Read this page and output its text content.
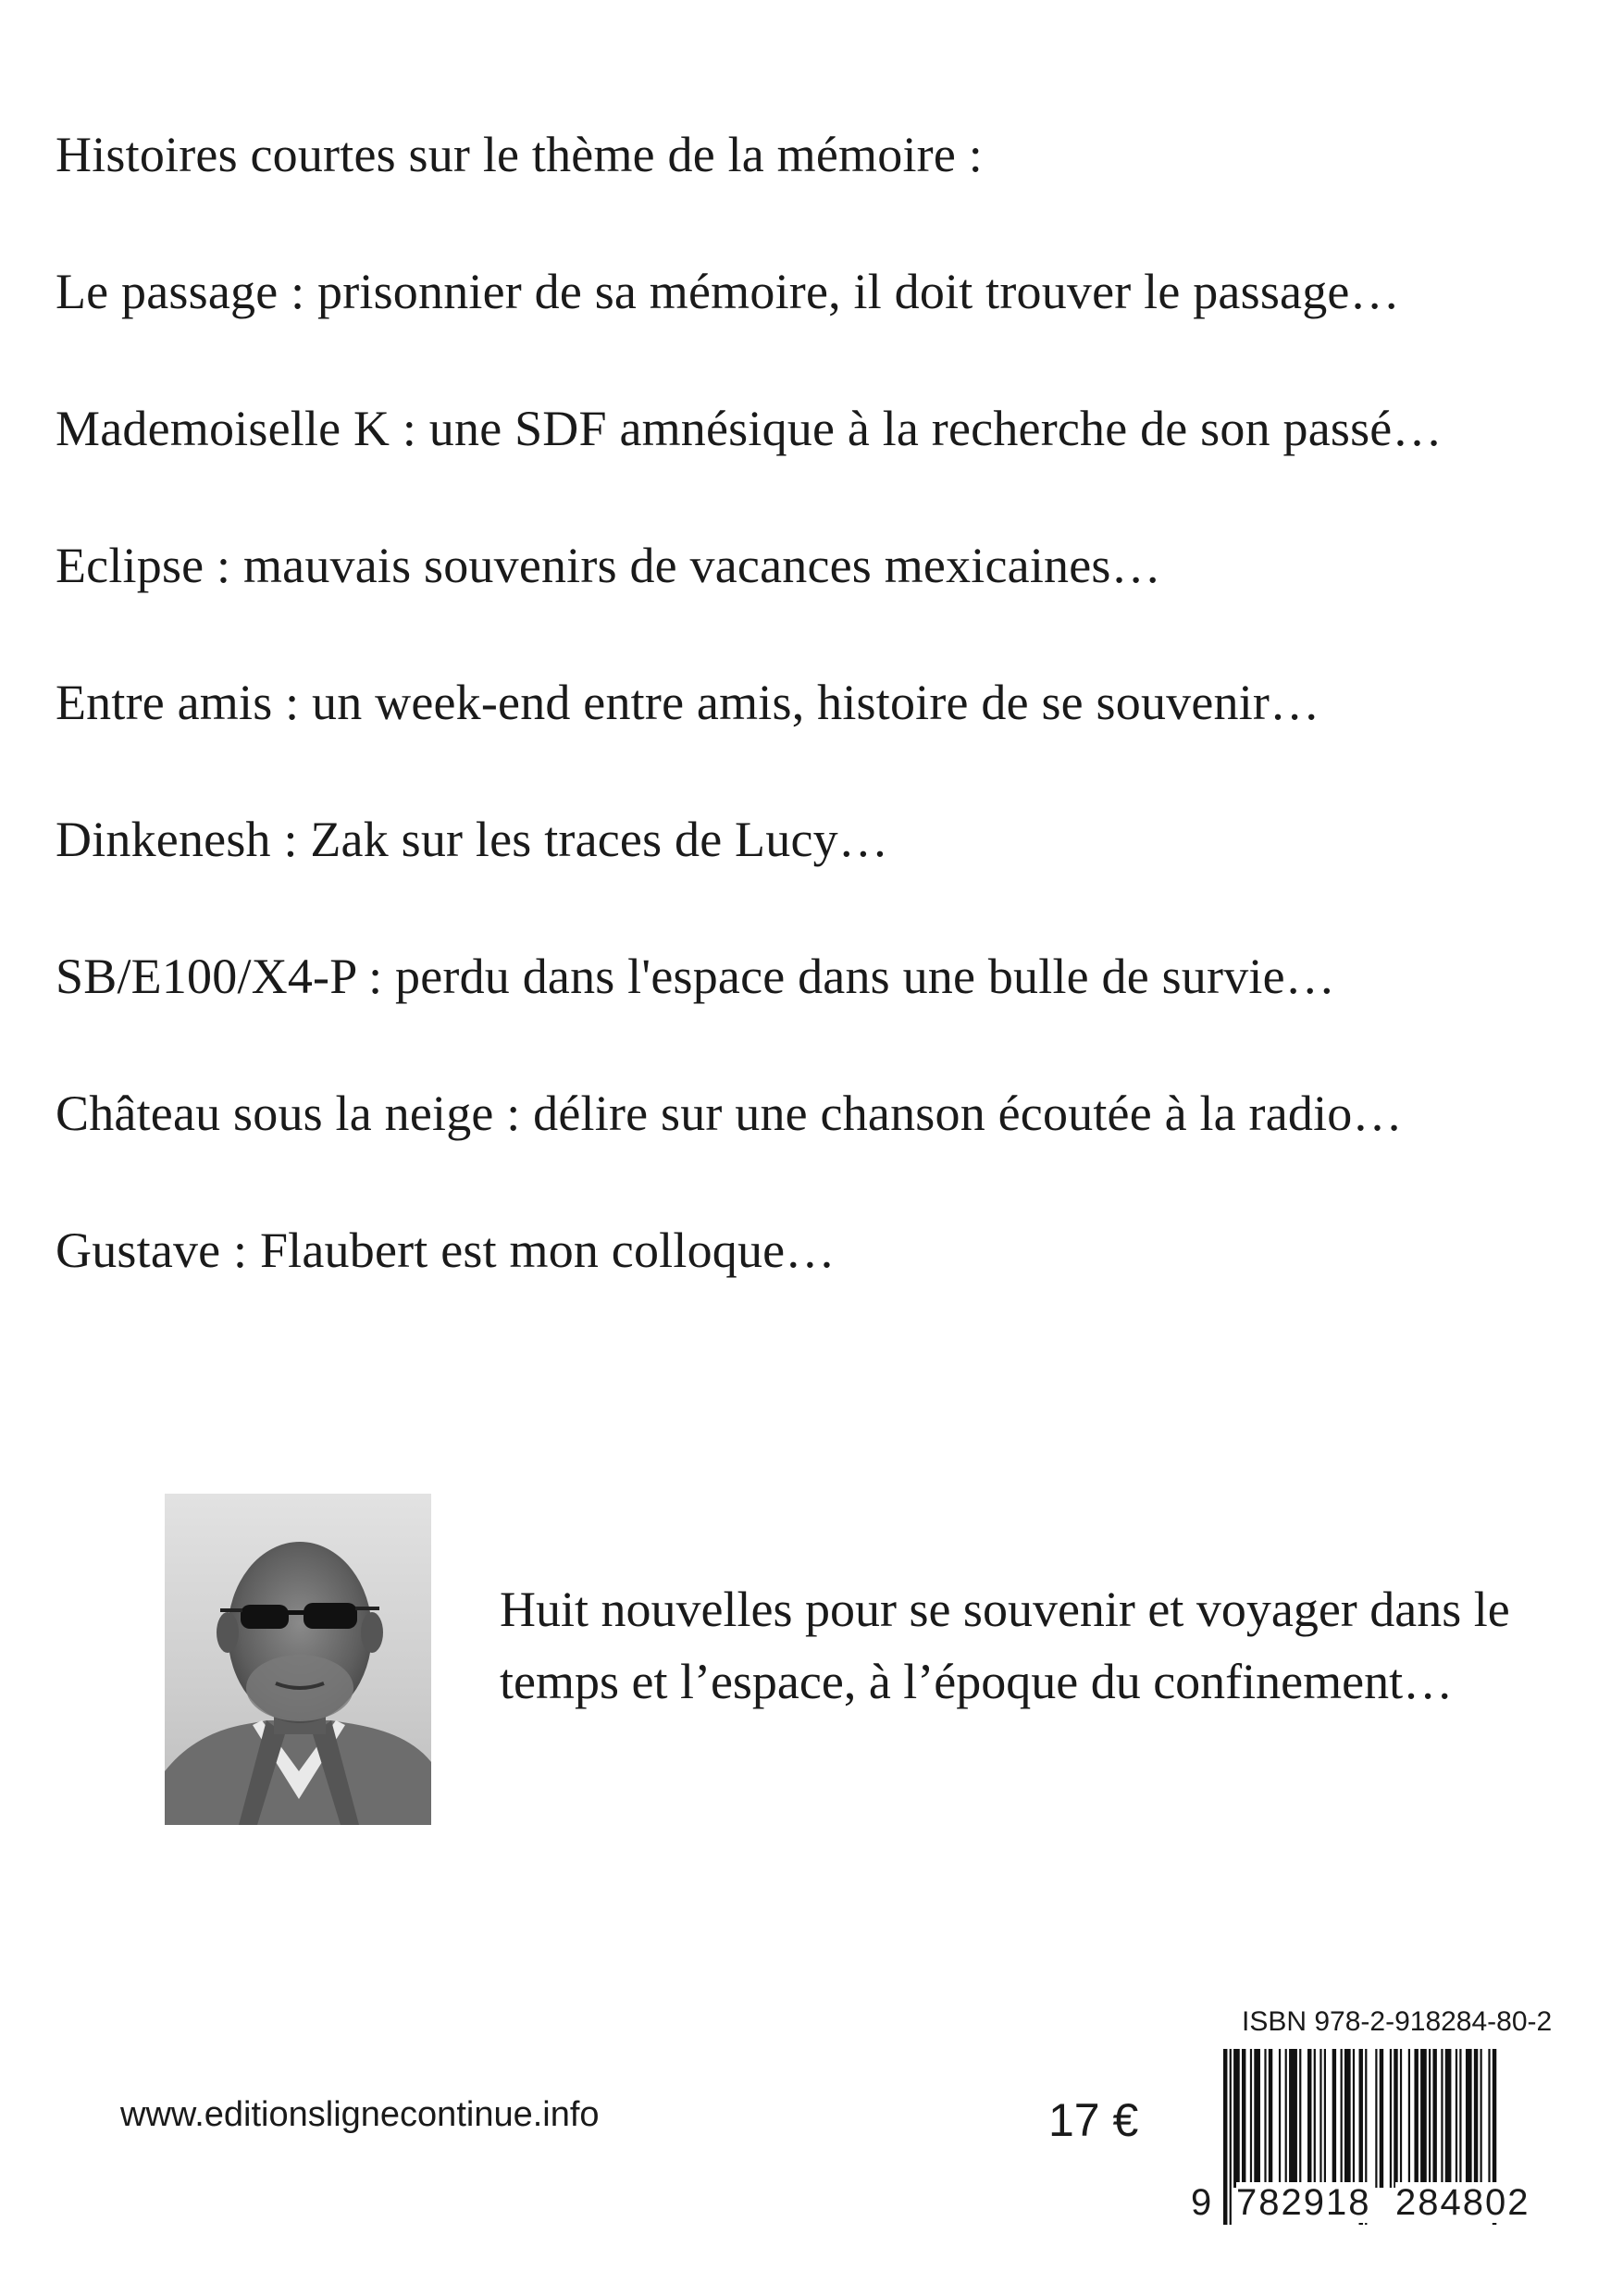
Histoires courtes sur le thème de la mémoire :
Le passage : prisonnier de sa mémoire, il doit trouver le passage…
Mademoiselle K : une SDF amnésique à la recherche de son passé…
Eclipse : mauvais souvenirs de vacances mexicaines…
Entre amis : un week-end entre amis, histoire de se souvenir…
Dinkenesh : Zak sur les traces de Lucy…
SB/E100/X4-P : perdu dans l'espace dans une bulle de survie…
Château sous la neige : délire sur une chanson écoutée à la radio…
Gustave : Flaubert est mon colloque…
Huit nouvelles pour se souvenir et voyager dans le
temps et l’espace, à l’époque du confinement…
www.editionslignecontinue.info	17 €
ISBN 978-2-918284-80-2
9 782918 284802
